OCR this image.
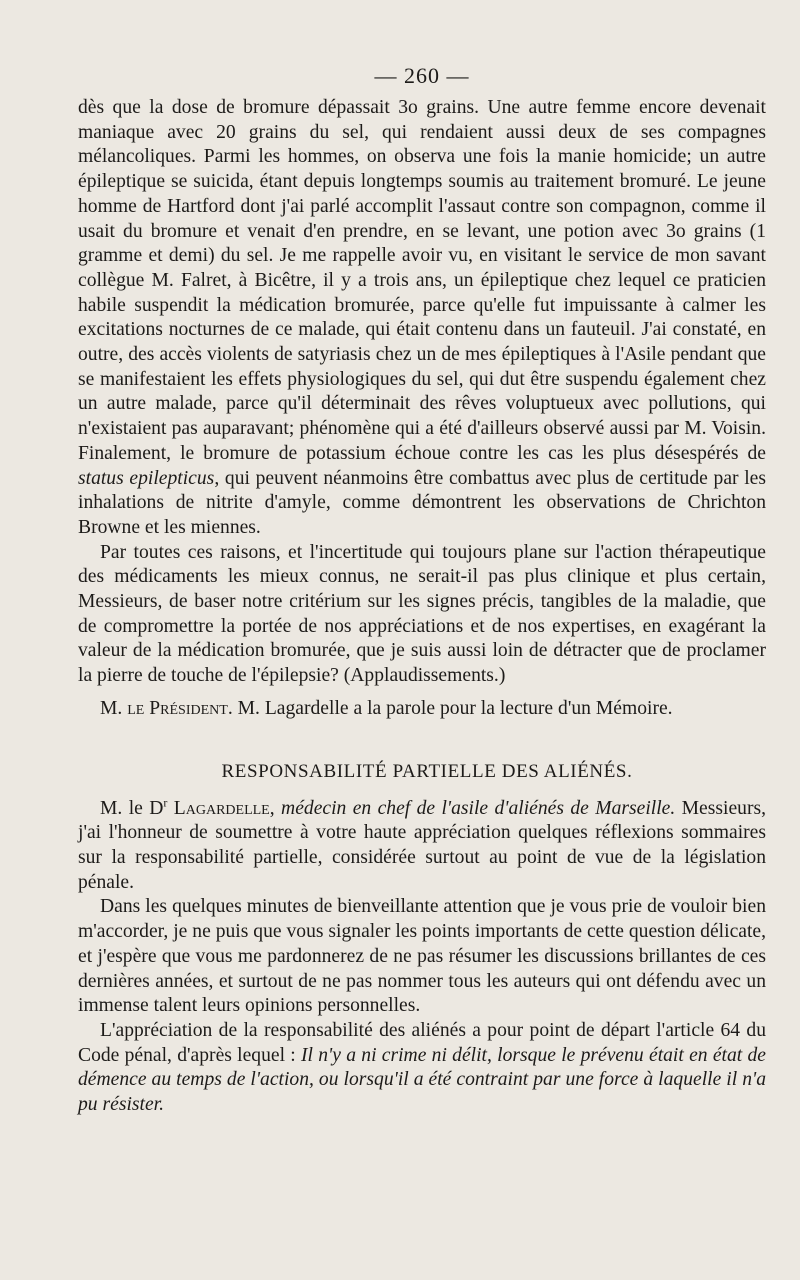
— 260 —

dès que la dose de bromure dépassait 3o grains. Une autre femme encore devenait maniaque avec 20 grains du sel, qui rendaient aussi deux de ses compagnes mélancoliques. Parmi les hommes, on observa une fois la manie homicide; un autre épileptique se suicida, étant depuis longtemps soumis au traitement bromuré. Le jeune homme de Hartford dont j'ai parlé accomplit l'assaut contre son compagnon, comme il usait du bromure et venait d'en prendre, en se levant, une potion avec 3o grains (1 gramme et demi) du sel. Je me rappelle avoir vu, en visitant le service de mon savant collègue M. Falret, à Bicêtre, il y a trois ans, un épileptique chez lequel ce praticien habile suspendit la médication bromurée, parce qu'elle fut impuissante à calmer les excitations nocturnes de ce malade, qui était contenu dans un fauteuil. J'ai constaté, en outre, des accès violents de satyriasis chez un de mes épileptiques à l'Asile pendant que se manifestaient les effets physiologiques du sel, qui dut être suspendu également chez un autre malade, parce qu'il déterminait des rêves voluptueux avec pollutions, qui n'existaient pas auparavant; phénomène qui a été d'ailleurs observé aussi par M. Voisin. Finalement, le bromure de potassium échoue contre les cas les plus désespérés de status epilepticus, qui peuvent néanmoins être combattus avec plus de certitude par les inhalations de nitrite d'amyle, comme démontrent les observations de Chrichton Browne et les miennes.

Par toutes ces raisons, et l'incertitude qui toujours plane sur l'action thérapeutique des médicaments les mieux connus, ne serait-il pas plus clinique et plus certain, Messieurs, de baser notre critérium sur les signes précis, tangibles de la maladie, que de compromettre la portée de nos appréciations et de nos expertises, en exagérant la valeur de la médication bromurée, que je suis aussi loin de détracter que de proclamer la pierre de touche de l'épilepsie? (Applaudissements.)

M. le Président. M. Lagardelle a la parole pour la lecture d'un Mémoire.

RESPONSABILITÉ PARTIELLE DES ALIÉNÉS.

M. le $D^r$ Lagardelle, médecin en chef de l'asile d'aliénés de Marseille. Messieurs, j'ai l'honneur de soumettre à votre haute appréciation quelques réflexions sommaires sur la responsabilité partielle, considérée surtout au point de vue de la législation pénale.

Dans les quelques minutes de bienveillante attention que je vous prie de vouloir bien m'accorder, je ne puis que vous signaler les points importants de cette question délicate, et j'espère que vous me pardonnerez de ne pas résumer les discussions brillantes de ces dernières années, et surtout de ne pas nommer tous les auteurs qui ont défendu avec un immense talent leurs opinions personnelles.

L'appréciation de la responsabilité des aliénés a pour point de départ l'article 64 du Code pénal, d'après lequel : Il n'y a ni crime ni délit, lorsque le prévenu était en état de démence au temps de l'action, ou lorsqu'il a été contraint par une force à laquelle il n'a pu résister.
